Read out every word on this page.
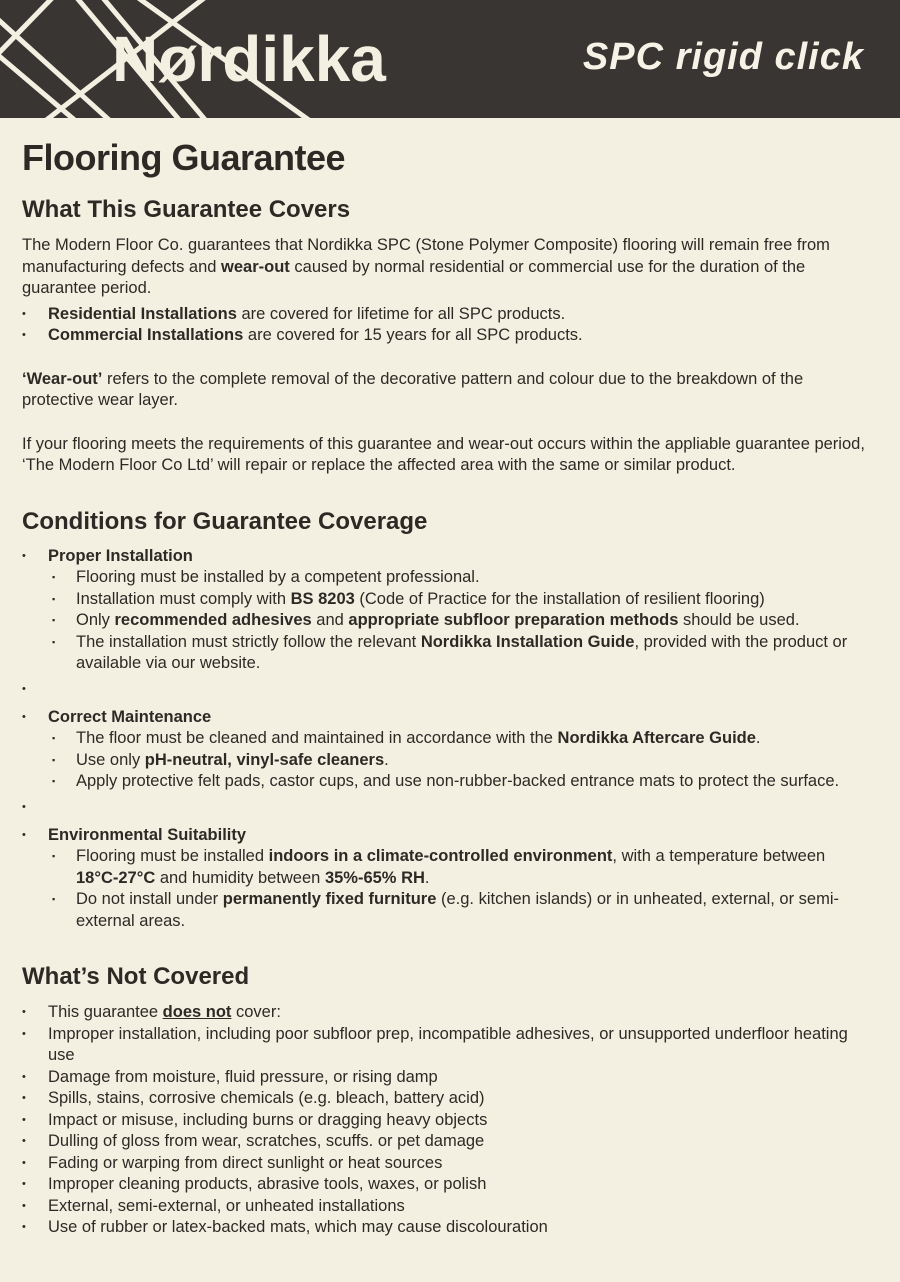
Nørdikka	SPC rigid click
Flooring Guarantee
What This Guarantee Covers

The Modern Floor Co. guarantees that Nordikka SPC (Stone Polymer Composite) flooring will remain free from manufacturing defects and wear-out caused by normal residential or commercial use for the duration of the guarantee period.

•	Residential Installations are covered for lifetime for all SPC products.
•	Commercial Installations are covered for 15 years for all SPC products.

‘Wear-out’ refers to the complete removal of the decorative pattern and colour due to the breakdown of the protective wear layer.

If your flooring meets the requirements of this guarantee and wear-out occurs within the appliable guarantee period, ‘The Modern Floor Co Ltd’ will repair or replace the affected area with the same or similar product.

Conditions for Guarantee Coverage
•	Proper Installation
▪	Flooring must be installed by a competent professional.
▪	Installation must comply with BS 8203 (Code of Practice for the installation of resilient flooring)
▪	Only recommended adhesives and appropriate subfloor preparation methods should be used.
▪	The installation must strictly follow the relevant Nordikka Installation Guide, provided with the product or available via our website.
•
•	Correct Maintenance
▪	The floor must be cleaned and maintained in accordance with the Nordikka Aftercare Guide.
▪	Use only pH-neutral, vinyl-safe cleaners.
▪	Apply protective felt pads, castor cups, and use non-rubber-backed entrance mats to protect the surface.
•
•	Environmental Suitability
▪	Flooring must be installed indoors in a climate-controlled environment, with a temperature between 18°C-27°C and humidity between 35%-65% RH.
▪	Do not install under permanently fixed furniture (e.g. kitchen islands) or in unheated, external, or semi-external areas.
What’s Not Covered
•	This guarantee does not cover:
•	Improper installation, including poor subfloor prep, incompatible adhesives, or unsupported underfloor heating use
•	Damage from moisture, fluid pressure, or rising damp
•	Spills, stains, corrosive chemicals (e.g. bleach, battery acid)
•	Impact or misuse, including burns or dragging heavy objects
•	Dulling of gloss from wear, scratches, scuffs. or pet damage
•	Fading or warping from direct sunlight or heat sources
•	Improper cleaning products, abrasive tools, waxes, or polish
•	External, semi-external, or unheated installations
•	Use of rubber or latex-backed mats, which may cause discolouration
